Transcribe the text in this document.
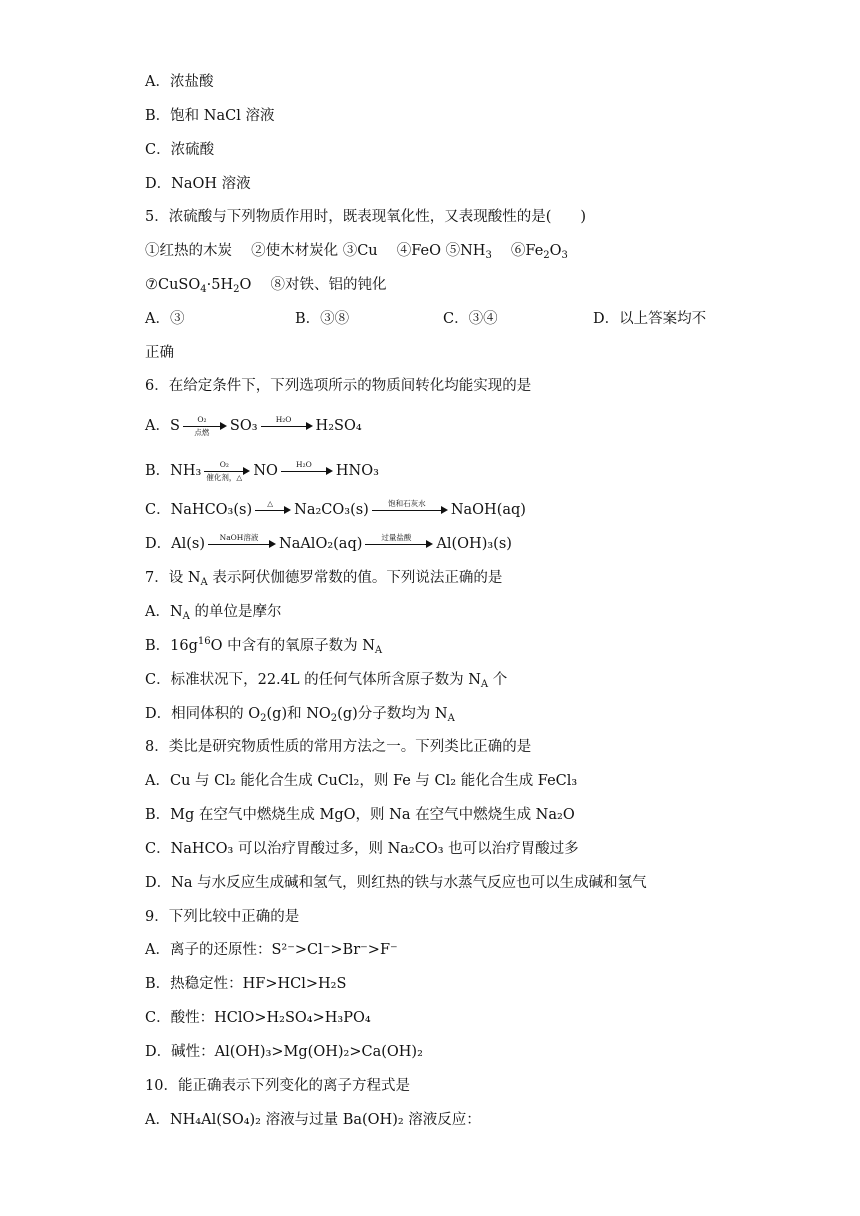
A．浓盐酸
B．饱和 NaCl 溶液
C．浓硫酸
D．NaOH 溶液
5．浓硫酸与下列物质作用时，既表现氧化性，又表现酸性的是(　　)
①红热的木炭　 ②使木材炭化 ③Cu　 ④FeO $⑤NH_3$　 $⑥Fe_2O_3$
$⑦CuSO_4\cdot 5H_2O$　 ⑧对铁、铝的钝化
A．③	B．③⑧	C．③④	D．以上答案均不
正确
6．在给定条件下，下列选项所示的物质间转化均能实现的是
A．S	O₂
点燃	SO₃	H₂O	H₂SO₄
B．NH₃	O₂
催化剂，△ NO	H₂O	HNO₃
C．NaHCO₃(s)	△	Na₂CO₃(s)	饱和石灰水	NaOH(aq)
D．Al(s)	NaOH溶液	NaAlO₂(aq)	过量盐酸	Al(OH)₃(s)
7．设 $N_A$ 表示阿伏伽德罗常数的值。下列说法正确的是
A．$N_A$ 的单位是摩尔
B．$16g^{16}O$ 中含有的氧原子数为 $N_A$
C．标准状况下，22.4L 的任何气体所含原子数为 $N_A$ 个
D．相同体积的 $O_2(g)$和 $NO_2(g)$分子数均为 $N_A$
8．类比是研究物质性质的常用方法之一。下列类比正确的是
A．Cu 与 Cl₂ 能化合生成 CuCl₂，则 Fe 与 Cl₂ 能化合生成 FeCl₃
B．Mg 在空气中燃烧生成 MgO，则 Na 在空气中燃烧生成 Na₂O
C．NaHCO₃ 可以治疗胃酸过多，则 Na₂CO₃ 也可以治疗胃酸过多
D．Na 与水反应生成碱和氢气，则红热的铁与水蒸气反应也可以生成碱和氢气
9．下列比较中正确的是
A．离子的还原性：S²⁻>Cl⁻>Br⁻>F⁻
B．热稳定性：HF>HCl>H₂S
C．酸性：HClO>H₂SO₄>H₃PO₄
D．碱性：Al(OH)₃>Mg(OH)₂>Ca(OH)₂
10．能正确表示下列变化的离子方程式是
A．NH₄Al(SO₄)₂ 溶液与过量 Ba(OH)₂ 溶液反应：
